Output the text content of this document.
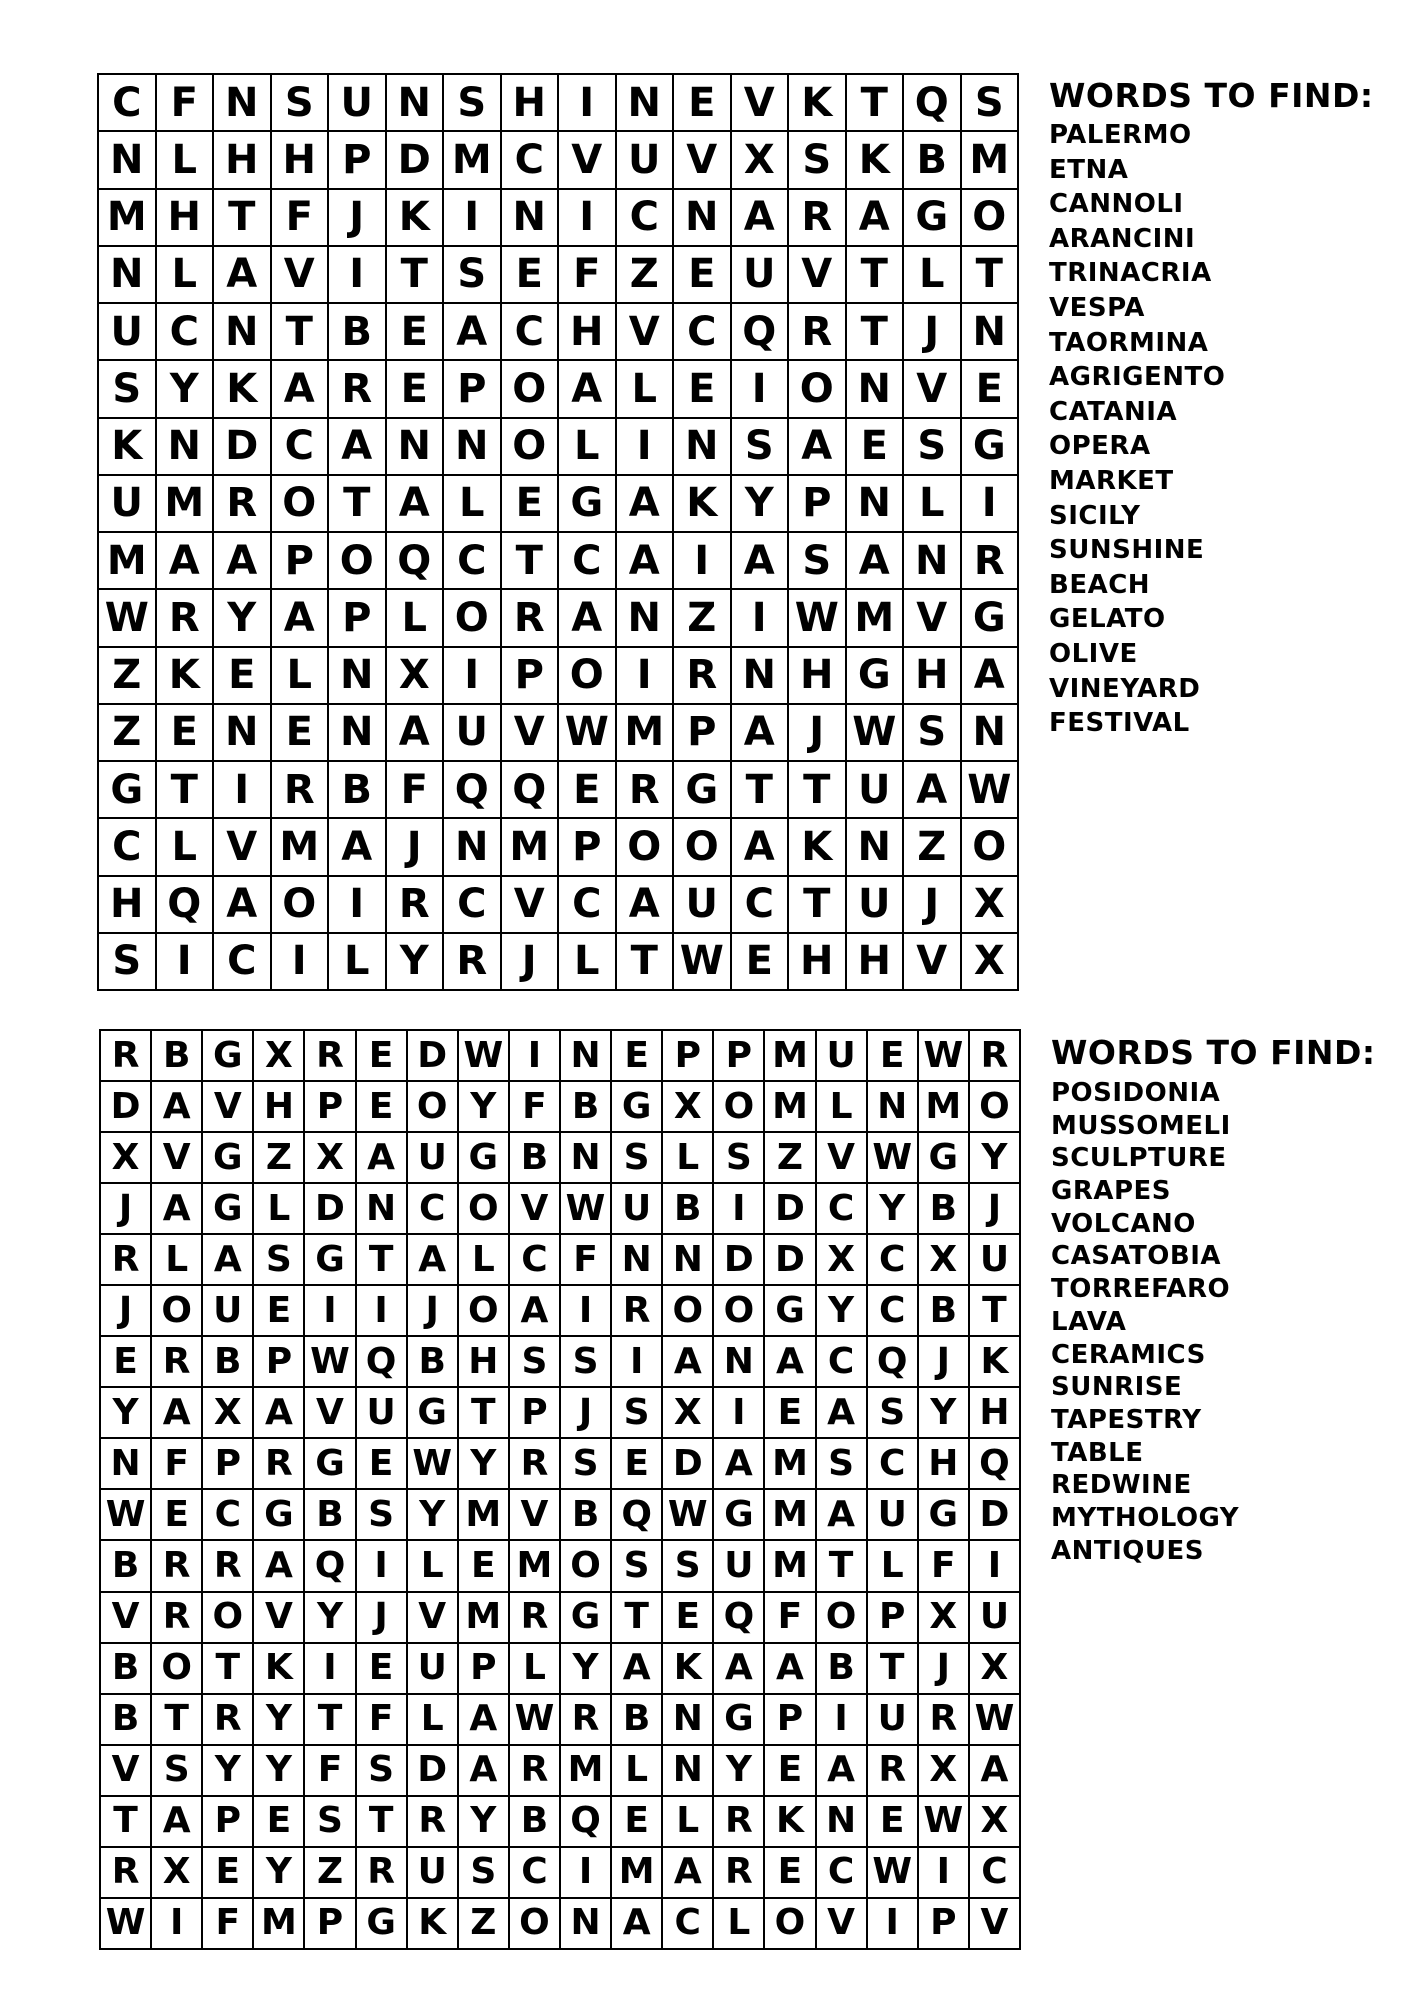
C	F	N	S	U	N	S	H	I	N	E	V	K	T	Q	S
N	L	H	H	P	D	M	C	V	U	V	X	S	K	B	M
M	H	T	F	J	K	I	N	I	C	N	A	R	A	G	O
N	L	A	V	I	T	S	E	F	Z	E	U	V	T	L	T
U	C	N	T	B	E	A	C	H	V	C	Q	R	T	J	N
S	Y	K	A	R	E	P	O	A	L	E	I	O	N	V	E
K	N	D	C	A	N	N	O	L	I	N	S	A	E	S	G
U	M	R	O	T	A	L	E	G	A	K	Y	P	N	L	I
M	A	A	P	O	Q	C	T	C	A	I	A	S	A	N	R
W	R	Y	A	P	L	O	R	A	N	Z	I	W	M	V	G
Z	K	E	L	N	X	I	P	O	I	R	N	H	G	H	A
Z	E	N	E	N	A	U	V	W	M	P	A	J	W	S	N
G	T	I	R	B	F	Q	Q	E	R	G	T	T	U	A	W
C	L	V	M	A	J	N	M	P	O	O	A	K	N	Z	O
H	Q	A	O	I	R	C	V	C	A	U	C	T	U	J	X
S	I	C	I	L	Y	R	J	L	T	W	E	H	H	V	X
WORDS TO FIND:
PALERMO
ETNA
CANNOLI
ARANCINI
TRINACRIA
VESPA
TAORMINA
AGRIGENTO
CATANIA
OPERA
MARKET
SICILY
SUNSHINE
BEACH
GELATO
OLIVE
VINEYARD
FESTIVAL
R	B	G	X	R	E	D	W	I	N	E	P	P	M	U	E	W	R
D	A	V	H	P	E	O	Y	F	B	G	X	O	M	L	N	M	O
X	V	G	Z	X	A	U	G	B	N	S	L	S	Z	V	W	G	Y
J	A	G	L	D	N	C	O	V	W	U	B	I	D	C	Y	B	J
R	L	A	S	G	T	A	L	C	F	N	N	D	D	X	C	X	U
J	O	U	E	I	I	J	O	A	I	R	O	O	G	Y	C	B	T
E	R	B	P	W	Q	B	H	S	S	I	A	N	A	C	Q	J	K
Y	A	X	A	V	U	G	T	P	J	S	X	I	E	A	S	Y	H
N	F	P	R	G	E	W	Y	R	S	E	D	A	M	S	C	H	Q
W	E	C	G	B	S	Y	M	V	B	Q	W	G	M	A	U	G	D
B	R	R	A	Q	I	L	E	M	O	S	S	U	M	T	L	F	I
V	R	O	V	Y	J	V	M	R	G	T	E	Q	F	O	P	X	U
B	O	T	K	I	E	U	P	L	Y	A	K	A	A	B	T	J	X
B	T	R	Y	T	F	L	A	W	R	B	N	G	P	I	U	R	W
V	S	Y	Y	F	S	D	A	R	M	L	N	Y	E	A	R	X	A
T	A	P	E	S	T	R	Y	B	Q	E	L	R	K	N	E	W	X
R	X	E	Y	Z	R	U	S	C	I	M	A	R	E	C	W	I	C
W	I	F	M	P	G	K	Z	O	N	A	C	L	O	V	I	P	V
WORDS TO FIND:
POSIDONIA
MUSSOMELI
SCULPTURE
GRAPES
VOLCANO
CASATOBIA
TORREFARO
LAVA
CERAMICS
SUNRISE
TAPESTRY
TABLE
REDWINE
MYTHOLOGY
ANTIQUES
